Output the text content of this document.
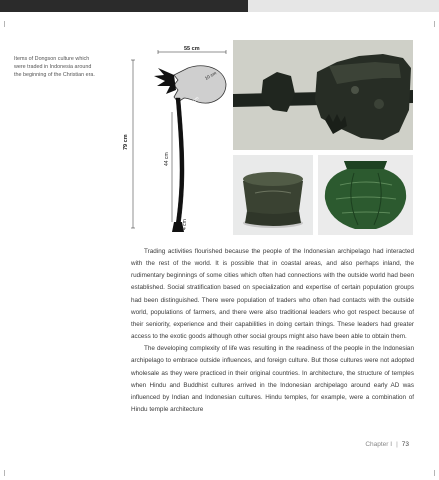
Items of Dongson culture which

were traded in Indonesia around

the beginning of the Christian era.

55 cm
79 cm
10 cm
11 cm
44 cm
4 cm

Trading activities flourished because the people of the Indonesian archipelago had interacted with the rest of the world. It is possible that in coastal areas, and also perhaps inland, the rudimentary beginnings of some cities which often had connections with the outside world had been established. Social stratification based on specialization and expertise of certain population groups had been distinguished. There were population of traders who often had contacts with the outside world, populations of farmers, and there were also traditional leaders who got respect because of their seniority, experience and their capabilities in doing certain things. These leaders had greater access to the exotic goods although other social groups might also have been able to obtain them.

The developing complexity of life was resulting in the readiness of the people in the Indonesian archipelago to embrace outside influences, and foreign culture. But those cultures were not adopted wholesale as they were practiced in their original countries. In architecture, the structure of temples when Hindu and Buddhist cultures arrived in the Indonesian archipelago around early AD was influenced by Indian and Indonesian cultures. Hindu temples, for example, were a combination of Hindu temple architecture

Chapter I | 73
